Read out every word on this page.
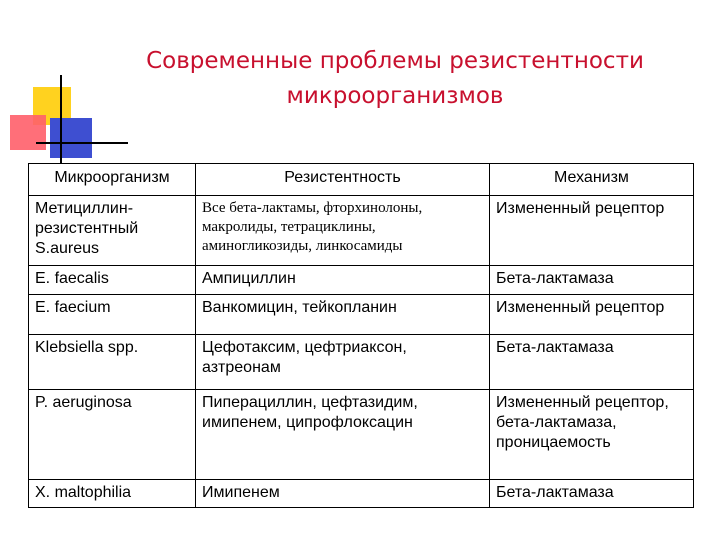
Современные проблемы резистентности
микроорганизмов
Микроорганизм	Резистентность	Механизм
Метициллин-резистентный S.aureus	Все бета-лактамы, фторхинолоны, макролиды, тетрациклины, аминогликозиды, линкосамиды	Измененный рецептор
E. faecalis	Ампициллин	Бета-лактамаза
E. faecium	Ванкомицин, тейкопланин	Измененный рецептор
Klebsiella spp.	Цефотаксим, цефтриаксон, азтреонам	Бета-лактамаза
P. aeruginosa	Пиперациллин, цефтазидим, имипенем, ципрофлоксацин	Измененный рецептор, бета-лактамаза, проницаемость
X. maltophilia	Имипенем	Бета-лактамаза
